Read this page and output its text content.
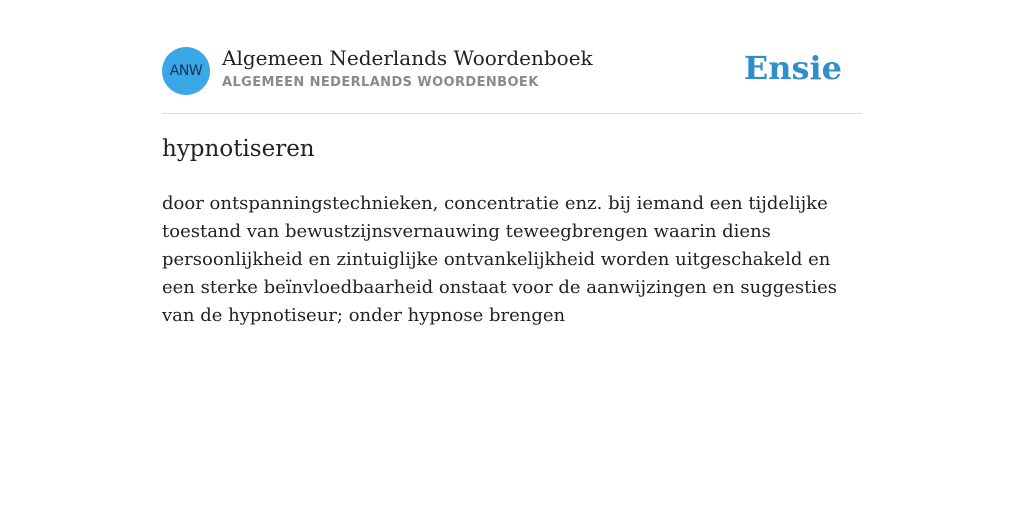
ANW
Algemeen Nederlands Woordenboek
ALGEMEEN NEDERLANDS WOORDENBOEK	Ensie
hypnotiseren

door ontspanningstechnieken, concentratie enz. bij iemand een tijdelijke toestand van bewustzijnsvernauwing teweegbrengen waarin diens persoonlijkheid en zintuiglijke ontvankelijkheid worden uitgeschakeld en een sterke beïnvloedbaarheid onstaat voor de aanwijzingen en suggesties van de hypnotiseur; onder hypnose brengen
